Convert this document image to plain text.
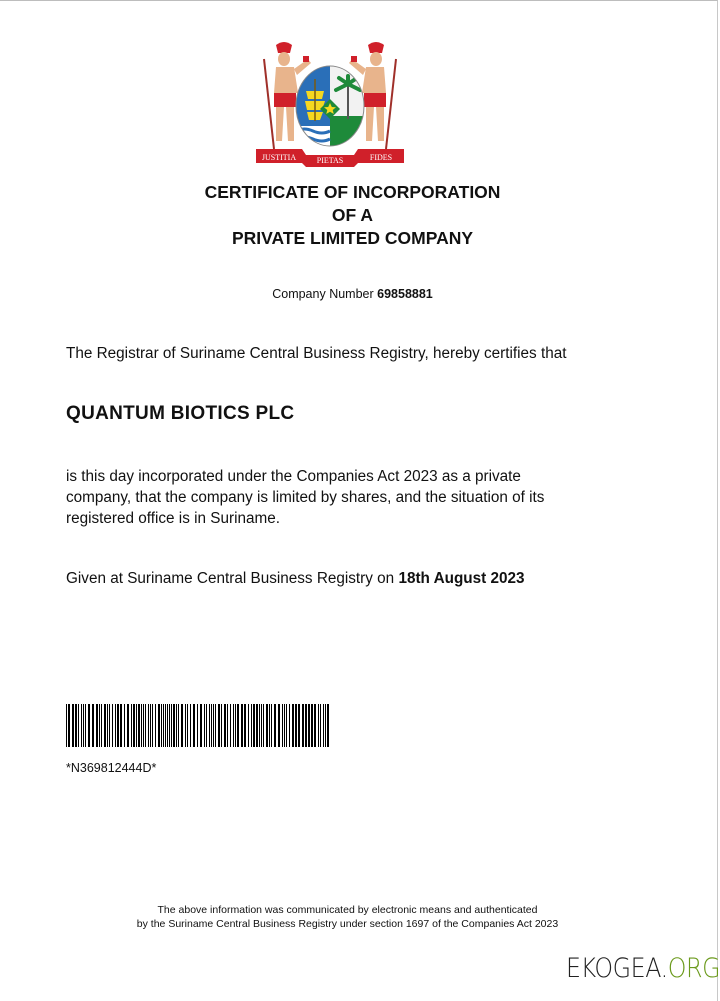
JUSTITIA	PIETAS	FIDES
CERTIFICATE OF INCORPORATION
OF A
PRIVATE LIMITED COMPANY
Company Number 69858881
The Registrar of Suriname Central Business Registry, hereby certifies that
QUANTUM BIOTICS PLC
is this day incorporated under the Companies Act 2023 as a private
company, that the company is limited by shares, and the situation of its
registered office is in Suriname.
Given at Suriname Central Business Registry on 18th August 2023
*N369812444D*
The above information was communicated by electronic means and authenticated
by the Suriname Central Business Registry under section 1697 of the Companies Act 2023
EKOGEA.ORG
